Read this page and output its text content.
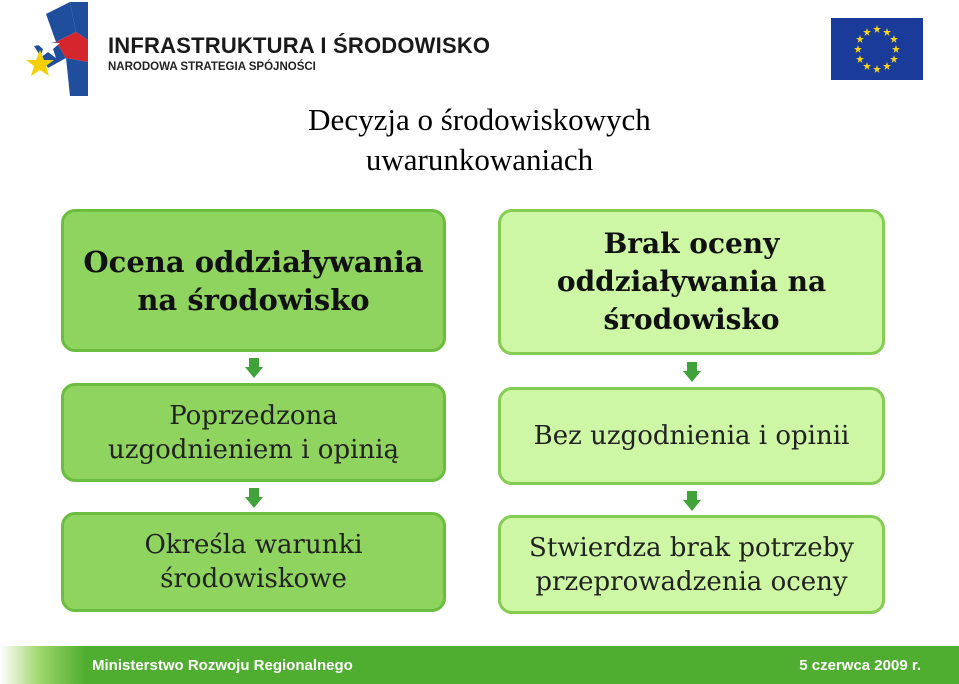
INFRASTRUKTURA I ŚRODOWISKO
NARODOWA STRATEGIA SPÓJNOŚCI
Decyzja o środowiskowych
uwarunkowaniach
Ocena oddziaływania
na środowisko
Poprzedzona
uzgodnieniem i opinią
Określa warunki
środowiskowe
Brak oceny
oddziaływania na
środowisko
Bez uzgodnienia i opinii
Stwierdza brak potrzeby
przeprowadzenia oceny
Ministerstwo Rozwoju Regionalnego	5 czerwca 2009 r.
